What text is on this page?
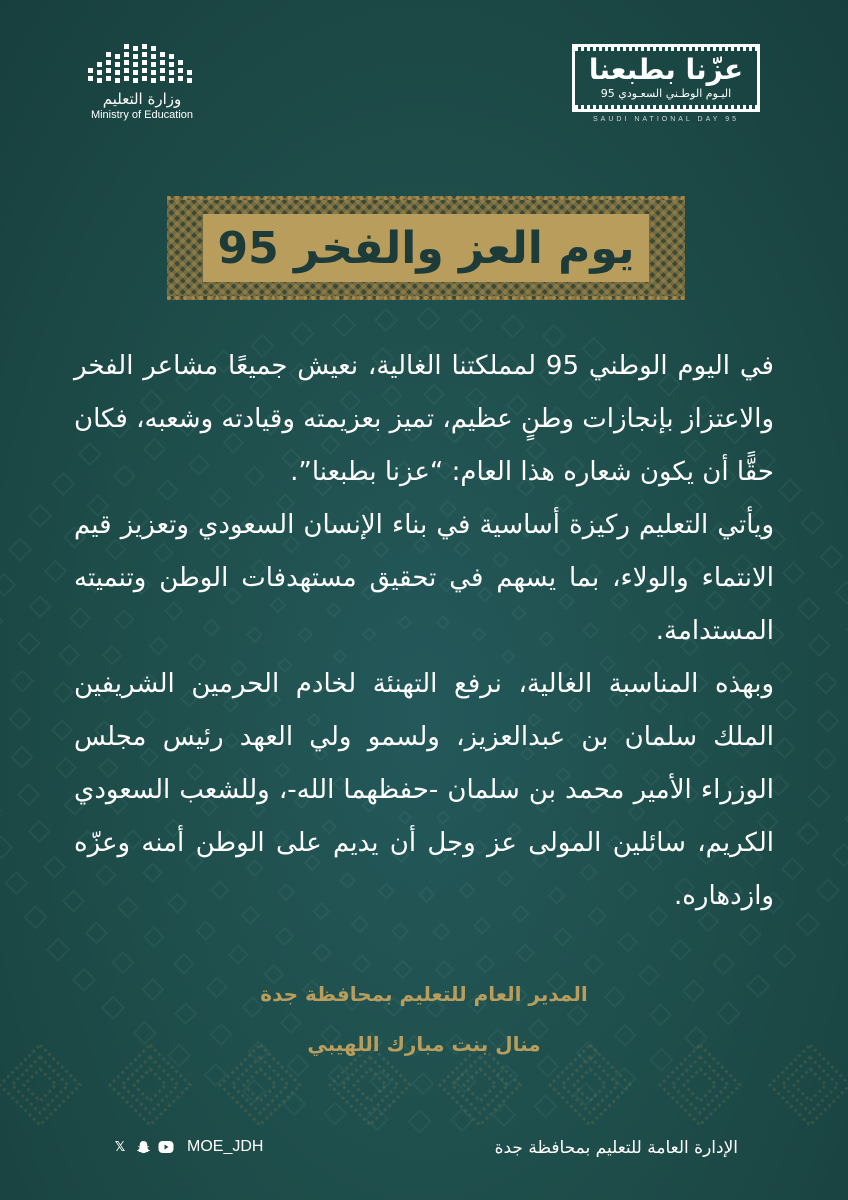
وزارة التعليم
Ministry of Education
عزّنا بطبعنا
اليـوم الوطـني السعـودي 95
SAUDI NATIONAL DAY 95
يوم العز والفخر 95

في اليوم الوطني 95 لمملكتنا الغالية، نعيش جميعًا مشاعر الفخر والاعتزاز بإنجازات وطنٍ عظيم، تميز بعزيمته وقيادته وشعبه، فكان حقًّا أن يكون شعاره هذا العام: “عزنا بطبعنا”.

ويأتي التعليم ركيزة أساسية في بناء الإنسان السعودي وتعزيز قيم الانتماء والولاء، بما يسهم في تحقيق مستهدفات الوطن وتنميته المستدامة.

وبهذه المناسبة الغالية، نرفع التهنئة لخادم الحرمين الشريفين الملك سلمان بن عبدالعزيز، ولسمو ولي العهد رئيس مجلس الوزراء الأمير محمد بن سلمان -حفظهما الله-، وللشعب السعودي الكريم، سائلين المولى عز وجل أن يديم على الوطن أمنه وعزّه وازدهاره.

المدير العام للتعليم بمحافظة جدة
منال بنت مبارك اللهيبي
𝕏	MOE_JDH	الإدارة العامة للتعليم بمحافظة جدة
